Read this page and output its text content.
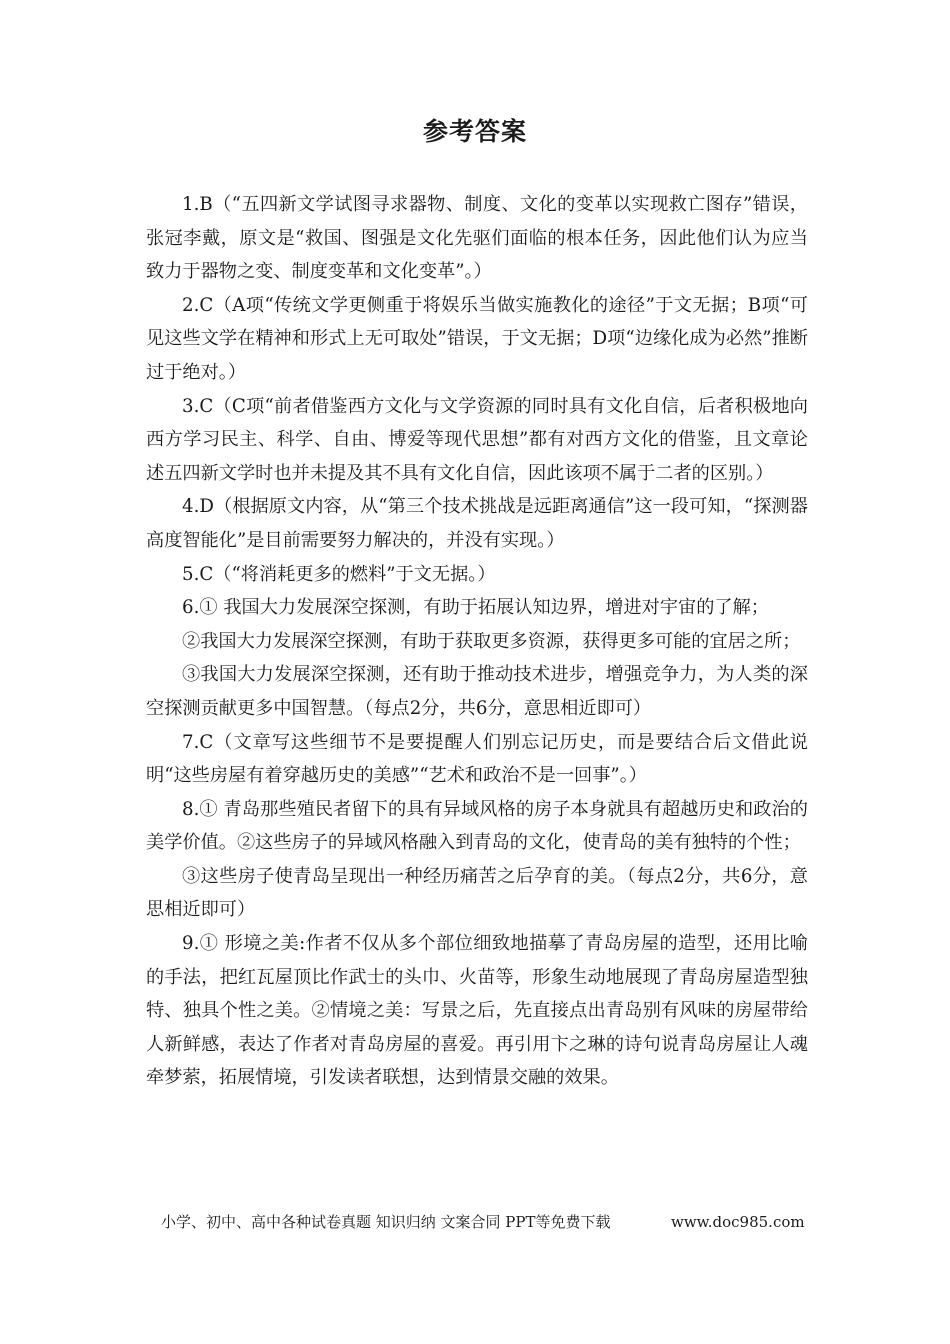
参考答案

1.B（“五四新文学试图寻求器物、制度、文化的变革以实现救亡图存”错误，张冠李戴，原文是“救国、图强是文化先驱们面临的根本任务，因此他们认为应当致力于器物之变、制度变革和文化变革”。）

2.C（A项“传统文学更侧重于将娱乐当做实施教化的途径”于文无据；B项“可见这些文学在精神和形式上无可取处”错误，于文无据；D项“边缘化成为必然”推断过于绝对。）

3.C（C项“前者借鉴西方文化与文学资源的同时具有文化自信，后者积极地向西方学习民主、科学、自由、博爱等现代思想”都有对西方文化的借鉴，且文章论述五四新文学时也并未提及其不具有文化自信，因此该项不属于二者的区别。）

4.D（根据原文内容，从“第三个技术挑战是远距离通信”这一段可知，“探测器高度智能化”是目前需要努力解决的，并没有实现。）

5.C（“将消耗更多的燃料”于文无据。）

6.① 我国大力发展深空探测，有助于拓展认知边界，增进对宇宙的了解；

②我国大力发展深空探测，有助于获取更多资源，获得更多可能的宜居之所；

③我国大力发展深空探测，还有助于推动技术进步，增强竞争力，为人类的深空探测贡献更多中国智慧。（每点2分，共6分，意思相近即可）

7.C（文章写这些细节不是要提醒人们别忘记历史，而是要结合后文借此说明“这些房屋有着穿越历史的美感”“艺术和政治不是一回事”。）

8.① 青岛那些殖民者留下的具有异域风格的房子本身就具有超越历史和政治的美学价值。②这些房子的异域风格融入到青岛的文化，使青岛的美有独特的个性；

③这些房子使青岛呈现出一种经历痛苦之后孕育的美。（每点2分，共6分，意思相近即可）

9.① 形境之美:作者不仅从多个部位细致地描摹了青岛房屋的造型，还用比喻的手法，把红瓦屋顶比作武士的头巾、火苗等，形象生动地展现了青岛房屋造型独特、独具个性之美。②情境之美：写景之后，先直接点出青岛别有风味的房屋带给人新鲜感，表达了作者对青岛房屋的喜爱。再引用卞之琳的诗句说青岛房屋让人魂牵梦萦，拓展情境，引发读者联想，达到情景交融的效果。

小学、初中、高中各种试卷真题 知识归纳 文案合同 PPT等免费下载	www.doc985.com
